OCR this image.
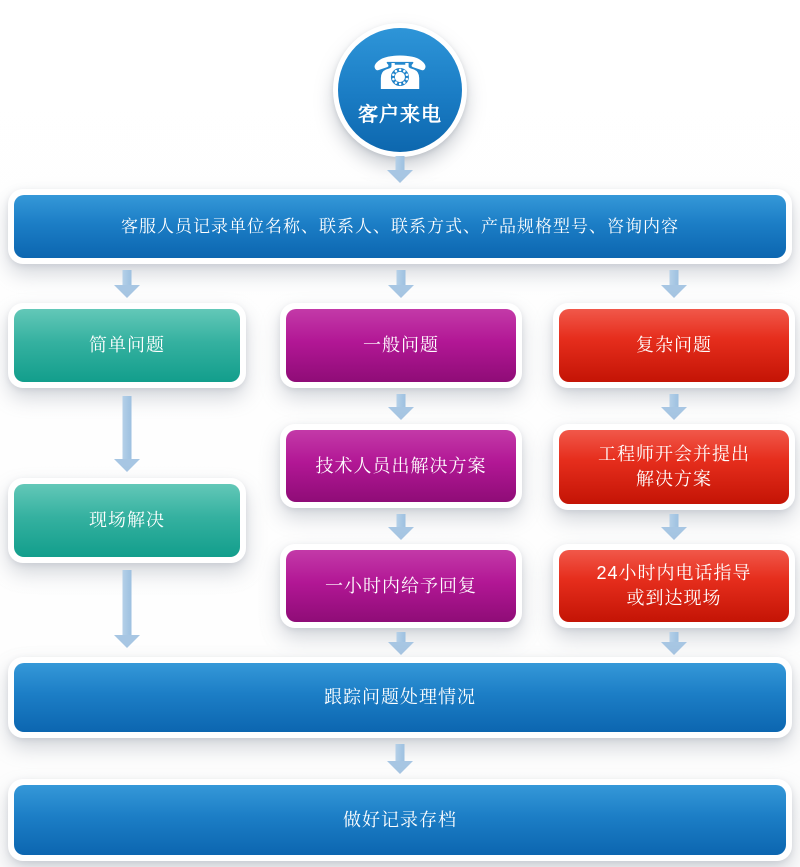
☎
客户来电
客服人员记录单位名称、联系人、联系方式、产品规格型号、咨询内容
简单问题	一般问题	复杂问题
技术人员出解决方案
工程师开会并提出
解决方案
现场解决
一小时内给予回复
24小时内电话指导
或到达现场
跟踪问题处理情况
做好记录存档
